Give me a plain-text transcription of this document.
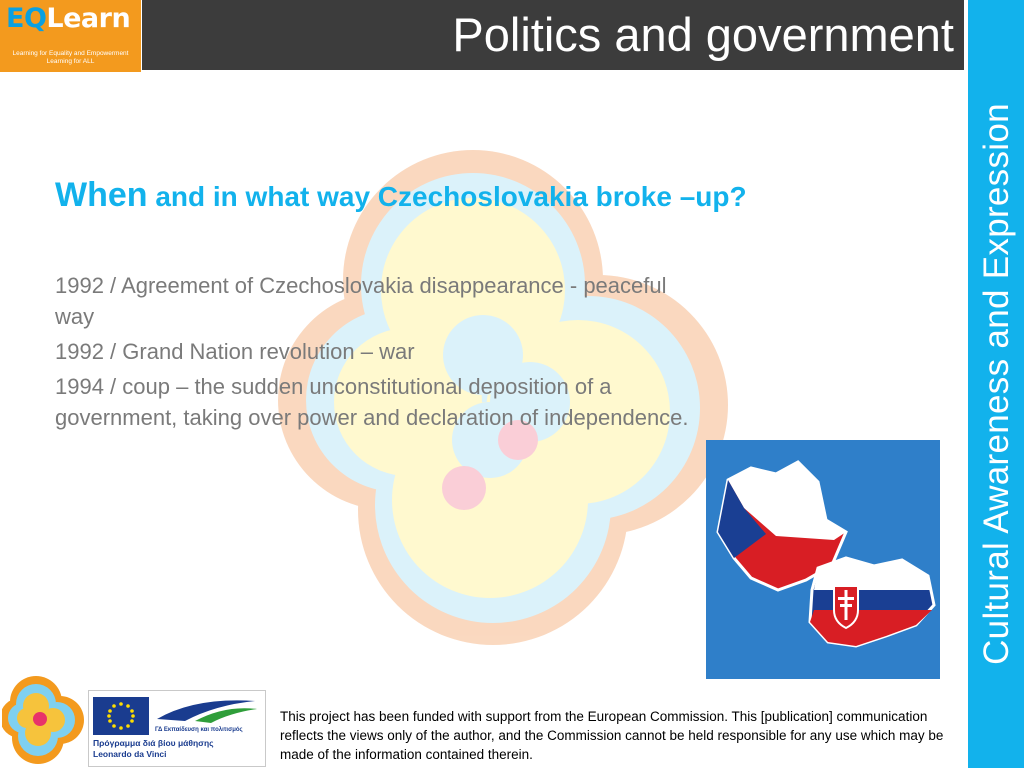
EQLearn
Learning for Equality and Empowerment
Learning for ALL
Politics and government
Cultural Awareness and Expression
When and in what way Czechoslovakia broke –up?

1992 / Agreement of Czechoslovakia disappearance - peaceful way

1992 / Grand Nation revolution – war

1994 / coup – the sudden unconstitutional deposition of a government, taking over power and declaration of independence.

ΓΔ Εκπαίδευση και πολιτισμός
Πρόγραμμα διά βίου μάθησης
Leonardo da Vinci
This project has been funded with support from the European Commission. This [publication] communication reflects the views only of the author, and the Commission cannot be held responsible for any use which may be made of the information contained therein.
